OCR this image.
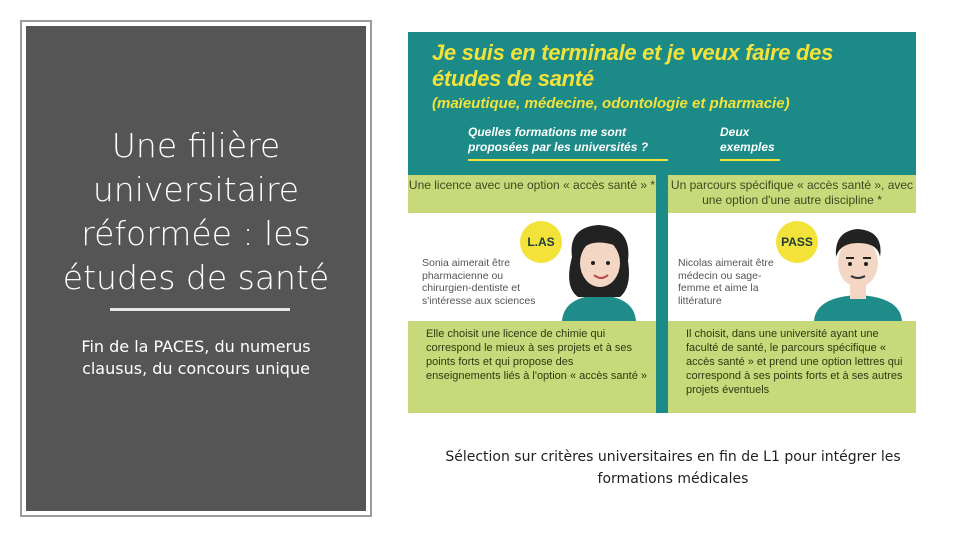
Une filière universitaire réformée : les études de santé
Fin de la PACES, du numerus clausus, du concours unique
Je suis en terminale et je veux faire des études de santé
(maïeutique, médecine, odontologie et pharmacie)
Quelles formations me sont proposées par les universités ?
Deux exemples
Une licence avec une option « accès santé » *
L.AS
Sonia aimerait être pharmacienne ou chirurgien-dentiste et s'intéresse aux sciences
Elle choisit une licence de chimie qui correspond le mieux à ses projets et à ses points forts et qui propose des enseignements liés à l'option « accès santé »
Un parcours spécifique « accès santé », avec une option d'une autre discipline *
PASS
Nicolas aimerait être médecin ou sage-femme et aime la littérature
Il choisit, dans une université ayant une faculté de santé, le parcours spécifique « accès santé » et prend une option lettres qui correspond à ses points forts et à ses autres projets éventuels
Sélection sur critères universitaires en fin de L1 pour intégrer les formations médicales
